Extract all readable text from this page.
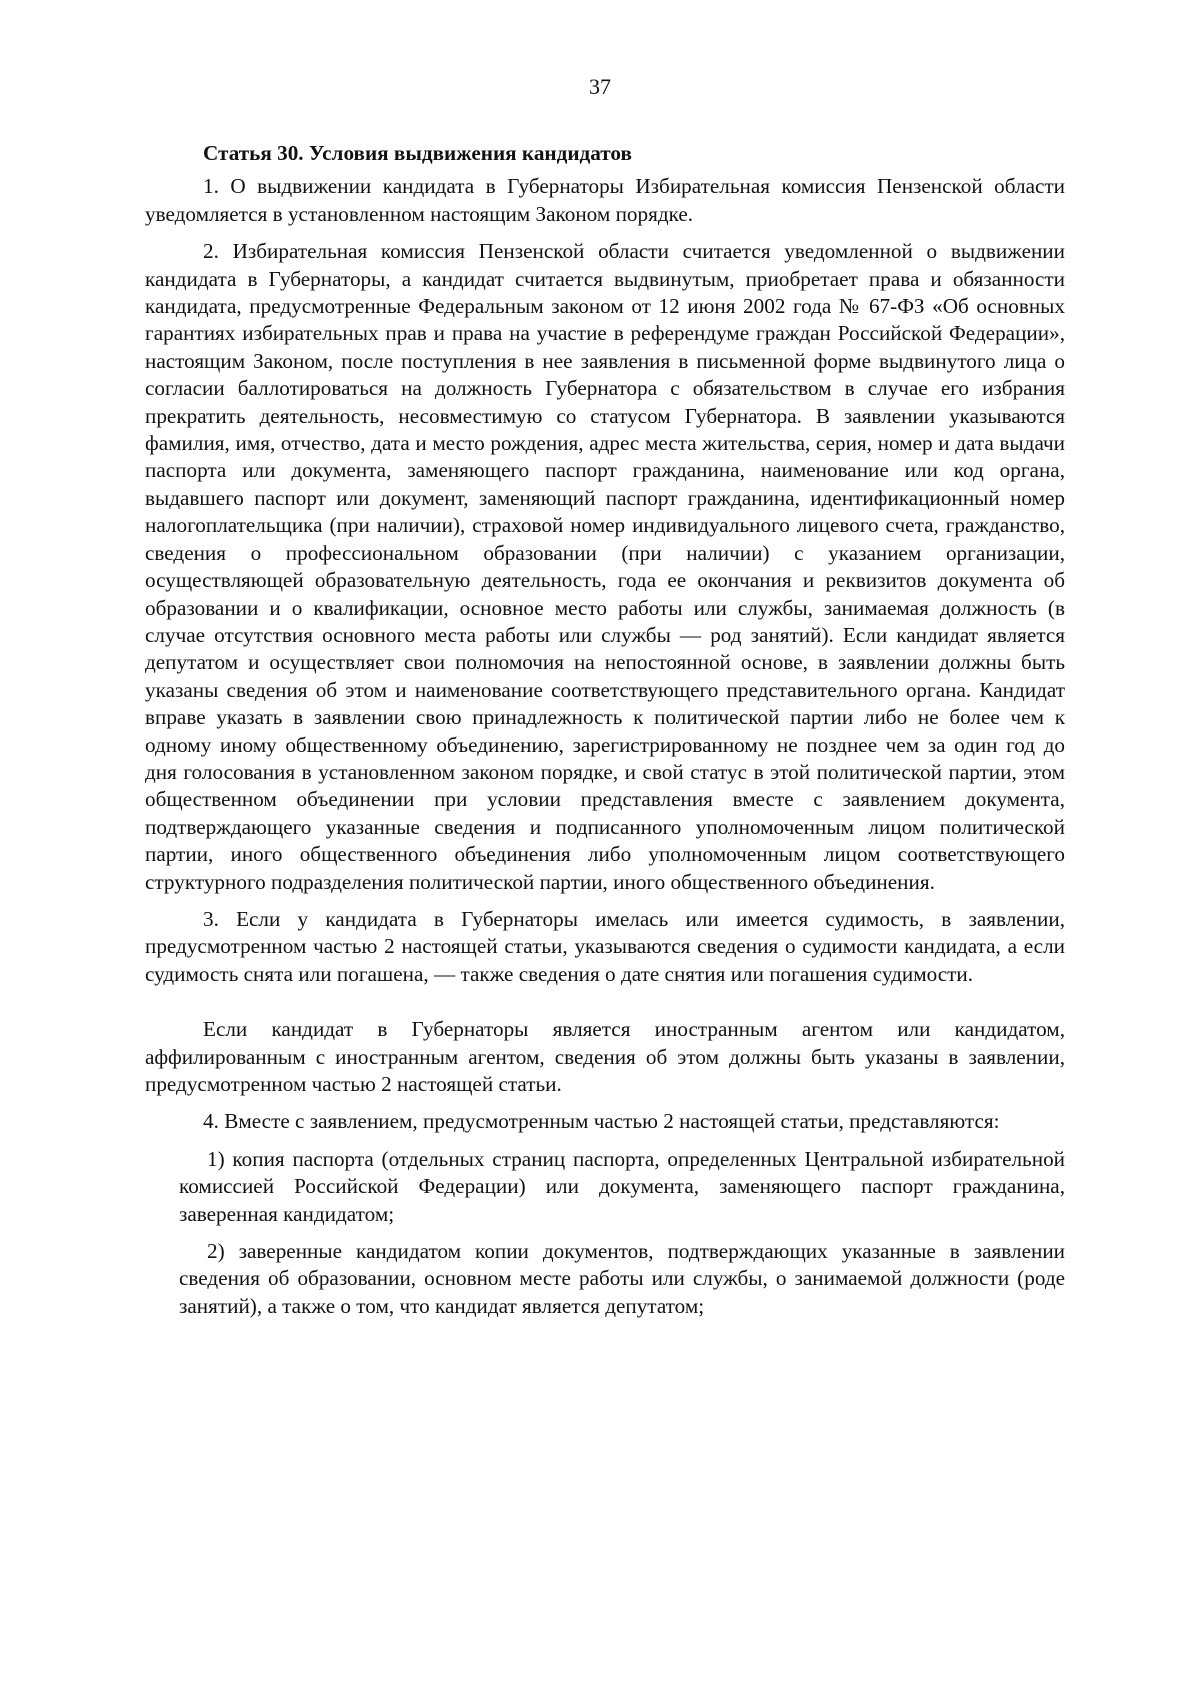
37

Статья 30. Условия выдвижения кандидатов

1. О выдвижении кандидата в Губернаторы Избирательная комиссия Пензенской области уведомляется в установленном настоящим Законом порядке.

2. Избирательная комиссия Пензенской области считается уведомленной о выдвижении кандидата в Губернаторы, а кандидат считается выдвинутым, приобретает права и обязанности кандидата, предусмотренные Федеральным законом от 12 июня 2002 года № 67-ФЗ «Об основных гарантиях избирательных прав и права на участие в референдуме граждан Российской Федерации», настоящим Законом, после поступления в нее заявления в письменной форме выдвинутого лица о согласии баллотироваться на должность Губернатора с обязательством в случае его избрания прекратить деятельность, несовместимую со статусом Губернатора. В заявлении указываются фамилия, имя, отчество, дата и место рождения, адрес места жительства, серия, номер и дата выдачи паспорта или документа, заменяющего паспорт гражданина, наименование или код органа, выдавшего паспорт или документ, заменяющий паспорт гражданина, идентификационный номер налогоплательщика (при наличии), страховой номер индивидуального лицевого счета, гражданство, сведения о профессиональном образовании (при наличии) с указанием организации, осуществляющей образовательную деятельность, года ее окончания и реквизитов документа об образовании и о квалификации, основное место работы или службы, занимаемая должность (в случае отсутствия основного места работы или службы — род занятий). Если кандидат является депутатом и осуществляет свои полномочия на непостоянной основе, в заявлении должны быть указаны сведения об этом и наименование соответствующего представительного органа. Кандидат вправе указать в заявлении свою принадлежность к политической партии либо не более чем к одному иному общественному объединению, зарегистрированному не позднее чем за один год до дня голосования в установленном законом порядке, и свой статус в этой политической партии, этом общественном объединении при условии представления вместе с заявлением документа, подтверждающего указанные сведения и подписанного уполномоченным лицом политической партии, иного общественного объединения либо уполномоченным лицом соответствующего структурного подразделения политической партии, иного общественного объединения.

3. Если у кандидата в Губернаторы имелась или имеется судимость, в заявлении, предусмотренном частью 2 настоящей статьи, указываются сведения о судимости кандидата, а если судимость снята или погашена, — также сведения о дате снятия или погашения судимости.

Если кандидат в Губернаторы является иностранным агентом или кандидатом, аффилированным с иностранным агентом, сведения об этом должны быть указаны в заявлении, предусмотренном частью 2 настоящей статьи.

4. Вместе с заявлением, предусмотренным частью 2 настоящей статьи, представляются:

1) копия паспорта (отдельных страниц паспорта, определенных Центральной избирательной комиссией Российской Федерации) или документа, заменяющего паспорт гражданина, заверенная кандидатом;

2) заверенные кандидатом копии документов, подтверждающих указанные в заявлении сведения об образовании, основном месте работы или службы, о занимаемой должности (роде занятий), а также о том, что кандидат является депутатом;
